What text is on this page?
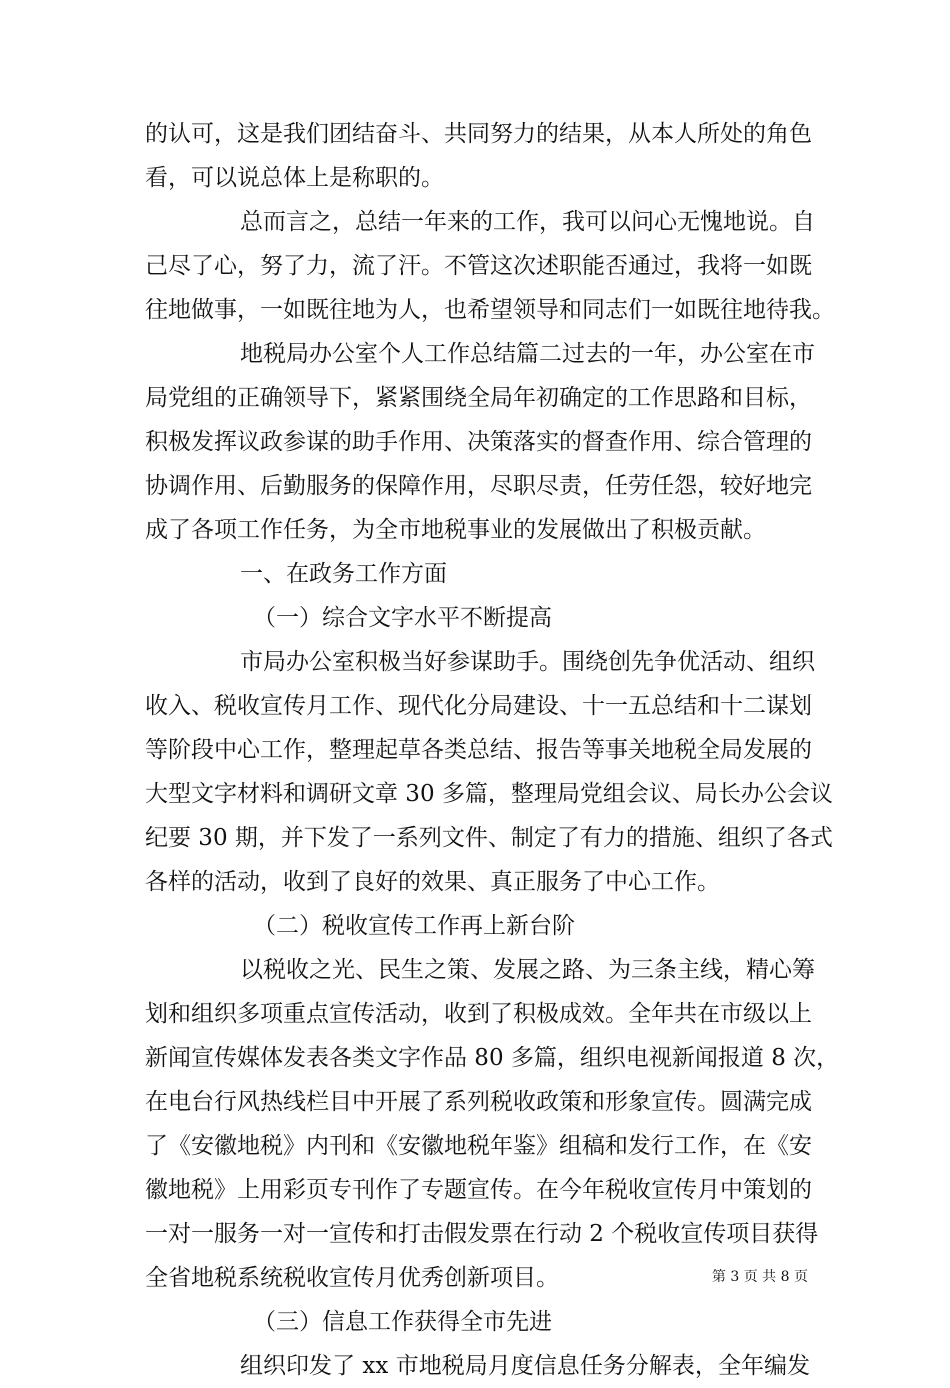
的认可，这是我们团结奋斗、共同努力的结果，从本人所处的角色
看，可以说总体上是称职的。
总而言之，总结一年来的工作，我可以问心无愧地说。自
己尽了心，努了力，流了汗。不管这次述职能否通过，我将一如既
往地做事，一如既往地为人，也希望领导和同志们一如既往地待我。
地税局办公室个人工作总结篇二过去的一年，办公室在市
局党组的正确领导下，紧紧围绕全局年初确定的工作思路和目标，
积极发挥议政参谋的助手作用、决策落实的督查作用、综合管理的
协调作用、后勤服务的保障作用，尽职尽责，任劳任怨，较好地完
成了各项工作任务，为全市地税事业的发展做出了积极贡献。
一、在政务工作方面
（一）综合文字水平不断提高
市局办公室积极当好参谋助手。围绕创先争优活动、组织
收入、税收宣传月工作、现代化分局建设、十一五总结和十二谋划
等阶段中心工作，整理起草各类总结、报告等事关地税全局发展的
大型文字材料和调研文章 30 多篇，整理局党组会议、局长办公会议
纪要 30 期，并下发了一系列文件、制定了有力的措施、组织了各式
各样的活动，收到了良好的效果、真正服务了中心工作。
（二）税收宣传工作再上新台阶
以税收之光、民生之策、发展之路、为三条主线，精心筹
划和组织多项重点宣传活动，收到了积极成效。全年共在市级以上
新闻宣传媒体发表各类文字作品 80 多篇，组织电视新闻报道 8 次，
在电台行风热线栏目中开展了系列税收政策和形象宣传。圆满完成
了《安徽地税》内刊和《安徽地税年鉴》组稿和发行工作，在《安
徽地税》上用彩页专刊作了专题宣传。在今年税收宣传月中策划的
一对一服务一对一宣传和打击假发票在行动 2 个税收宣传项目获得
全省地税系统税收宣传月优秀创新项目。
（三）信息工作获得全市先进
组织印发了 xx 市地税局月度信息任务分解表，全年编发
第 3 页 共 8 页
